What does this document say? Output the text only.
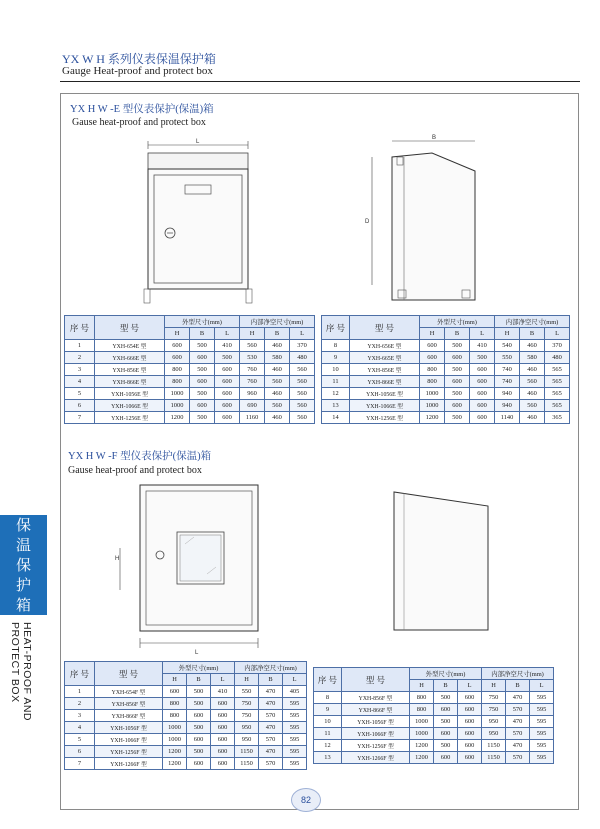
YX W H 系列仪表保温保护箱
Gauge Heat-proof and protect box
YX H W -E 型仪表保护(保温)箱
Gause heat-proof and protect box
L
B
D
序 号	型 号	外型尺寸(mm)			内部净空尺寸(mm)		
		H	B	L	H	B	L
1	YXH-654E 型	600	500	410	560	460	370
2	YXH-666E 型	600	600	500	530	580	480
3	YXH-856E 型	800	500	600	760	460	560
4	YXH-866E 型	800	600	600	760	560	560
5	YXH-1056E 型	1000	500	600	960	460	560
6	YXH-1066E 型	1000	600	600	690	560	560
7	YXH-1256E 型	1200	500	600	1160	460	560
序 号	型 号	外型尺寸(mm)			内部净空尺寸(mm)		
		H	B	L	H	B	L
8	YXH-656E 型	600	500	410	540	460	370
9	YXH-665E 型	600	600	500	550	580	480
10	YXH-856E 型	800	500	600	740	460	565
11	YXH-866E 型	800	600	600	740	560	565
12	YXH-1056E 型	1000	500	600	940	460	565
13	YXH-1066E 型	1000	600	600	940	560	565
14	YXH-1256E 型	1200	500	600	1140	460	365
YX H W -F 型仪表保护(保温)箱
Gause heat-proof and protect box
H
L
序 号	型 号	外型尺寸(mm)			内部净空尺寸(mm)		
		H	B	L	H	B	L
1	YXH-654F 型	600	500	410	550	470	405
2	YXH-856F 型	800	500	600	750	470	595
3	YXH-866F 型	800	600	600	750	570	595
4	YXH-1056F 型	1000	500	600	950	470	595
5	YXH-1066F 型	1000	600	600	950	570	595
6	YXH-1256F 型	1200	500	600	1150	470	595
7	YXH-1266F 型	1200	600	600	1150	570	595
序 号	型 号	外型尺寸(mm)			内部净空尺寸(mm)		
		H	B	L	H	B	L
8	YXH-856F 型	800	500	600	750	470	595
9	YXH-866F 型	800	600	600	750	570	595
10	YXH-1056F 型	1000	500	600	950	470	595
11	YXH-1066F 型	1000	600	600	950	570	595
12	YXH-1256F 型	1200	500	600	1150	470	595
13	YXH-1266F 型	1200	600	600	1150	570	595
保
温
保
护
箱
HEAT-PROOF AND PROTECT BOX
82
